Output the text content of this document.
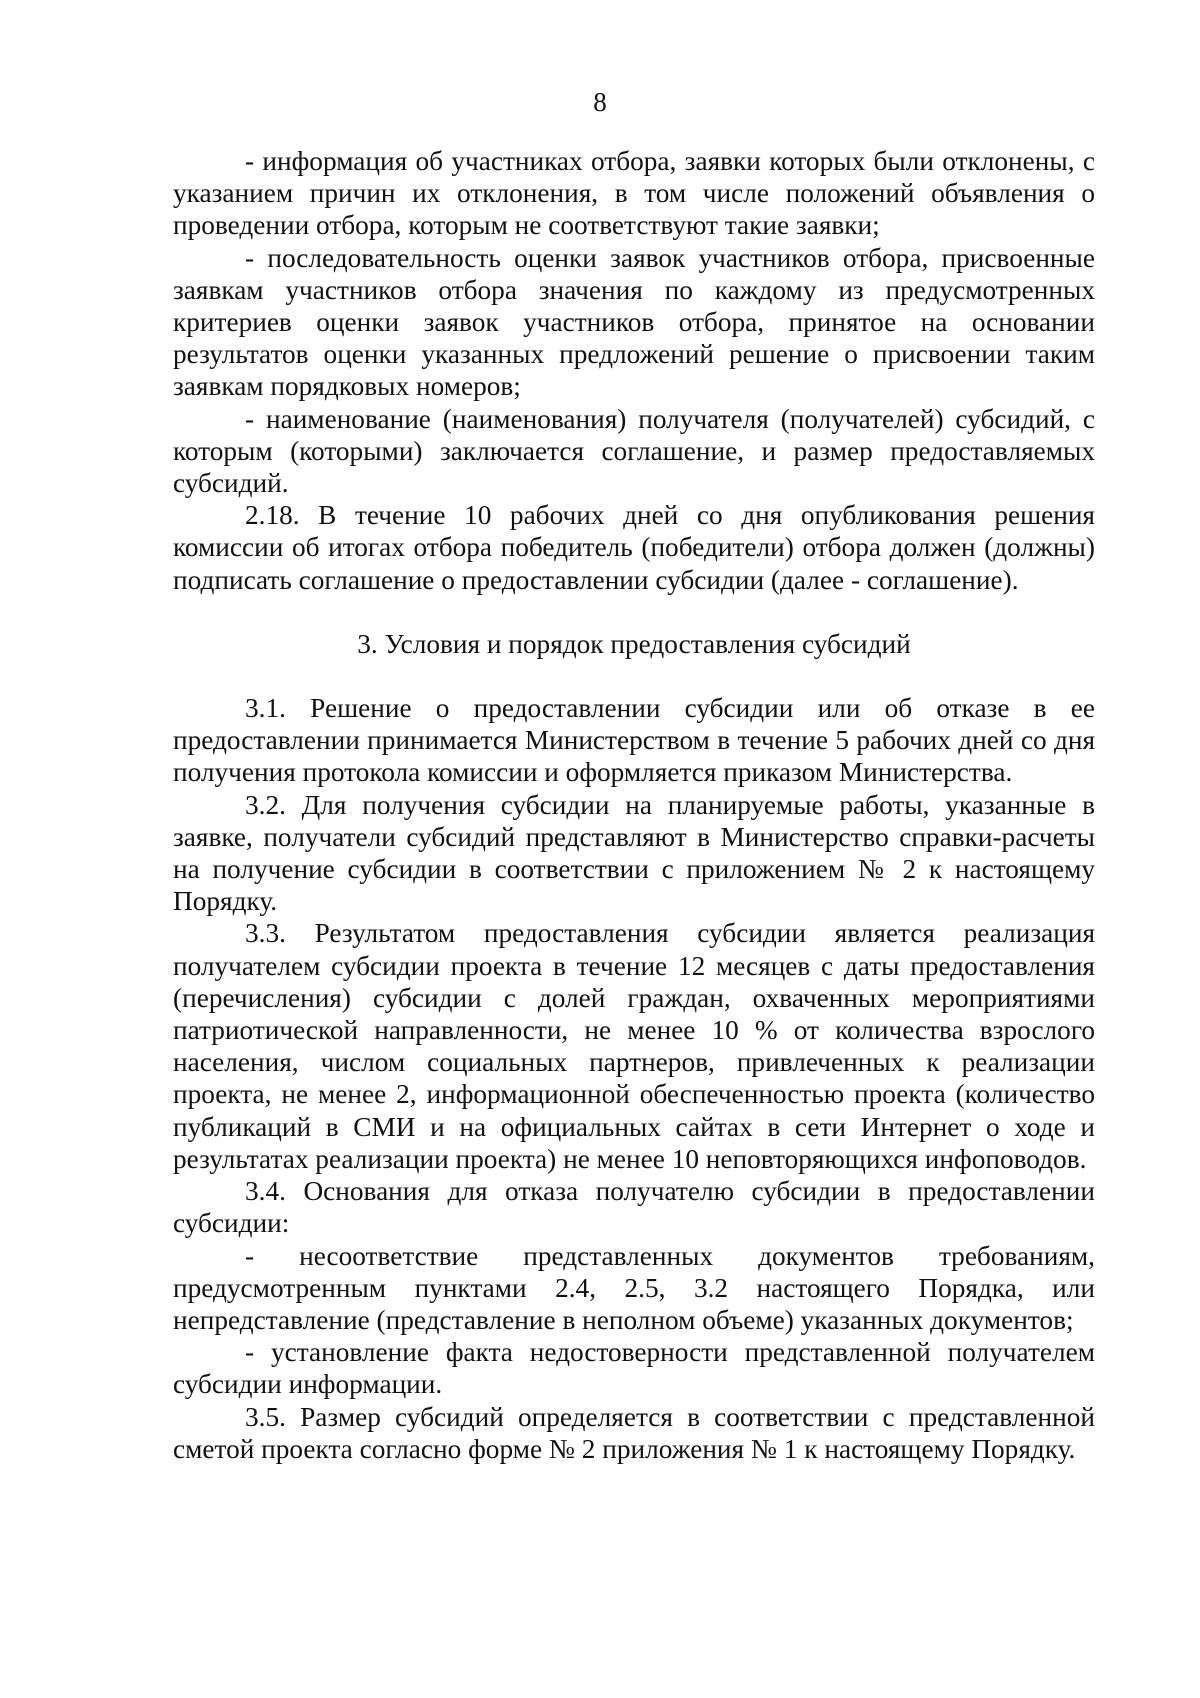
8

- информация об участниках отбора, заявки которых были отклонены, с указанием причин их отклонения, в том числе положений объявления о проведении отбора, которым не соответствуют такие заявки;

- последовательность оценки заявок участников отбора, присвоенные заявкам участников отбора значения по каждому из предусмотренных критериев оценки заявок участников отбора, принятое на основании результатов оценки указанных предложений решение о присвоении таким заявкам порядковых номеров;

- наименование (наименования) получателя (получателей) субсидий, с которым (которыми) заключается соглашение, и размер предоставляемых субсидий.

2.18. В течение 10 рабочих дней со дня опубликования решения комиссии об итогах отбора победитель (победители) отбора должен (должны) подписать соглашение о предоставлении субсидии (далее - соглашение).

3. Условия и порядок предоставления субсидий

3.1. Решение о предоставлении субсидии или об отказе в ее предоставлении принимается Министерством в течение 5 рабочих дней со дня получения протокола комиссии и оформляется приказом Министерства.

3.2. Для получения субсидии на планируемые работы, указанные в заявке, получатели субсидий представляют в Министерство справки-расчеты на получение субсидии в соответствии с приложением № 2 к настоящему Порядку.

3.3. Результатом предоставления субсидии является реализация получателем субсидии проекта в течение 12 месяцев с даты предоставления (перечисления) субсидии с долей граждан, охваченных мероприятиями патриотической направленности, не менее 10 % от количества взрослого населения, числом социальных партнеров, привлеченных к реализации проекта, не менее 2, информационной обеспеченностью проекта (количество публикаций в СМИ и на официальных сайтах в сети Интернет о ходе и результатах реализации проекта) не менее 10 неповторяющихся инфоповодов.

3.4. Основания для отказа получателю субсидии в предоставлении субсидии:

- несоответствие представленных документов требованиям, предусмотренным пунктами 2.4, 2.5, 3.2 настоящего Порядка, или непредставление (представление в неполном объеме) указанных документов;

- установление факта недостоверности представленной получателем субсидии информации.

3.5. Размер субсидий определяется в соответствии с представленной сметой проекта согласно форме № 2 приложения № 1 к настоящему Порядку.
